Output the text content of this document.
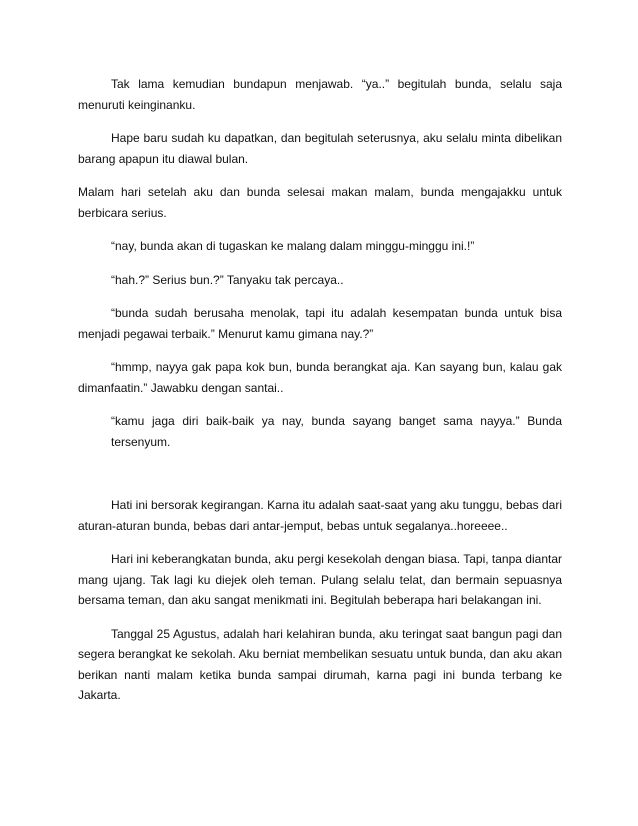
Tak lama kemudian bundapun menjawab. “ya..” begitulah bunda, selalu saja menuruti keinginanku.

Hape baru sudah ku dapatkan, dan begitulah seterusnya, aku selalu minta dibelikan barang apapun itu diawal bulan.

Malam hari setelah aku dan bunda selesai makan malam, bunda mengajakku untuk berbicara serius.

“nay, bunda akan di tugaskan ke malang dalam minggu-minggu ini.!”

“hah.?” Serius bun.?” Tanyaku tak percaya..

“bunda sudah berusaha menolak, tapi itu adalah kesempatan bunda untuk bisa menjadi pegawai terbaik.” Menurut kamu gimana nay.?”

“hmmp, nayya gak papa kok bun, bunda berangkat aja. Kan sayang bun, kalau gak dimanfaatin.” Jawabku dengan santai..

“kamu jaga diri baik-baik ya nay, bunda sayang banget sama nayya.” Bunda tersenyum.

Hati ini bersorak kegirangan. Karna itu adalah saat-saat yang aku tunggu, bebas dari aturan-aturan bunda, bebas dari antar-jemput, bebas untuk segalanya..horeeee..

Hari ini keberangkatan bunda, aku pergi kesekolah dengan biasa. Tapi, tanpa diantar mang ujang. Tak lagi ku diejek oleh teman. Pulang selalu telat, dan bermain sepuasnya bersama teman, dan aku sangat menikmati ini. Begitulah beberapa hari belakangan ini.

Tanggal 25 Agustus, adalah hari kelahiran bunda, aku teringat saat bangun pagi dan segera berangkat ke sekolah. Aku berniat membelikan sesuatu untuk bunda, dan aku akan berikan nanti malam ketika bunda sampai dirumah, karna pagi ini bunda terbang ke Jakarta.
